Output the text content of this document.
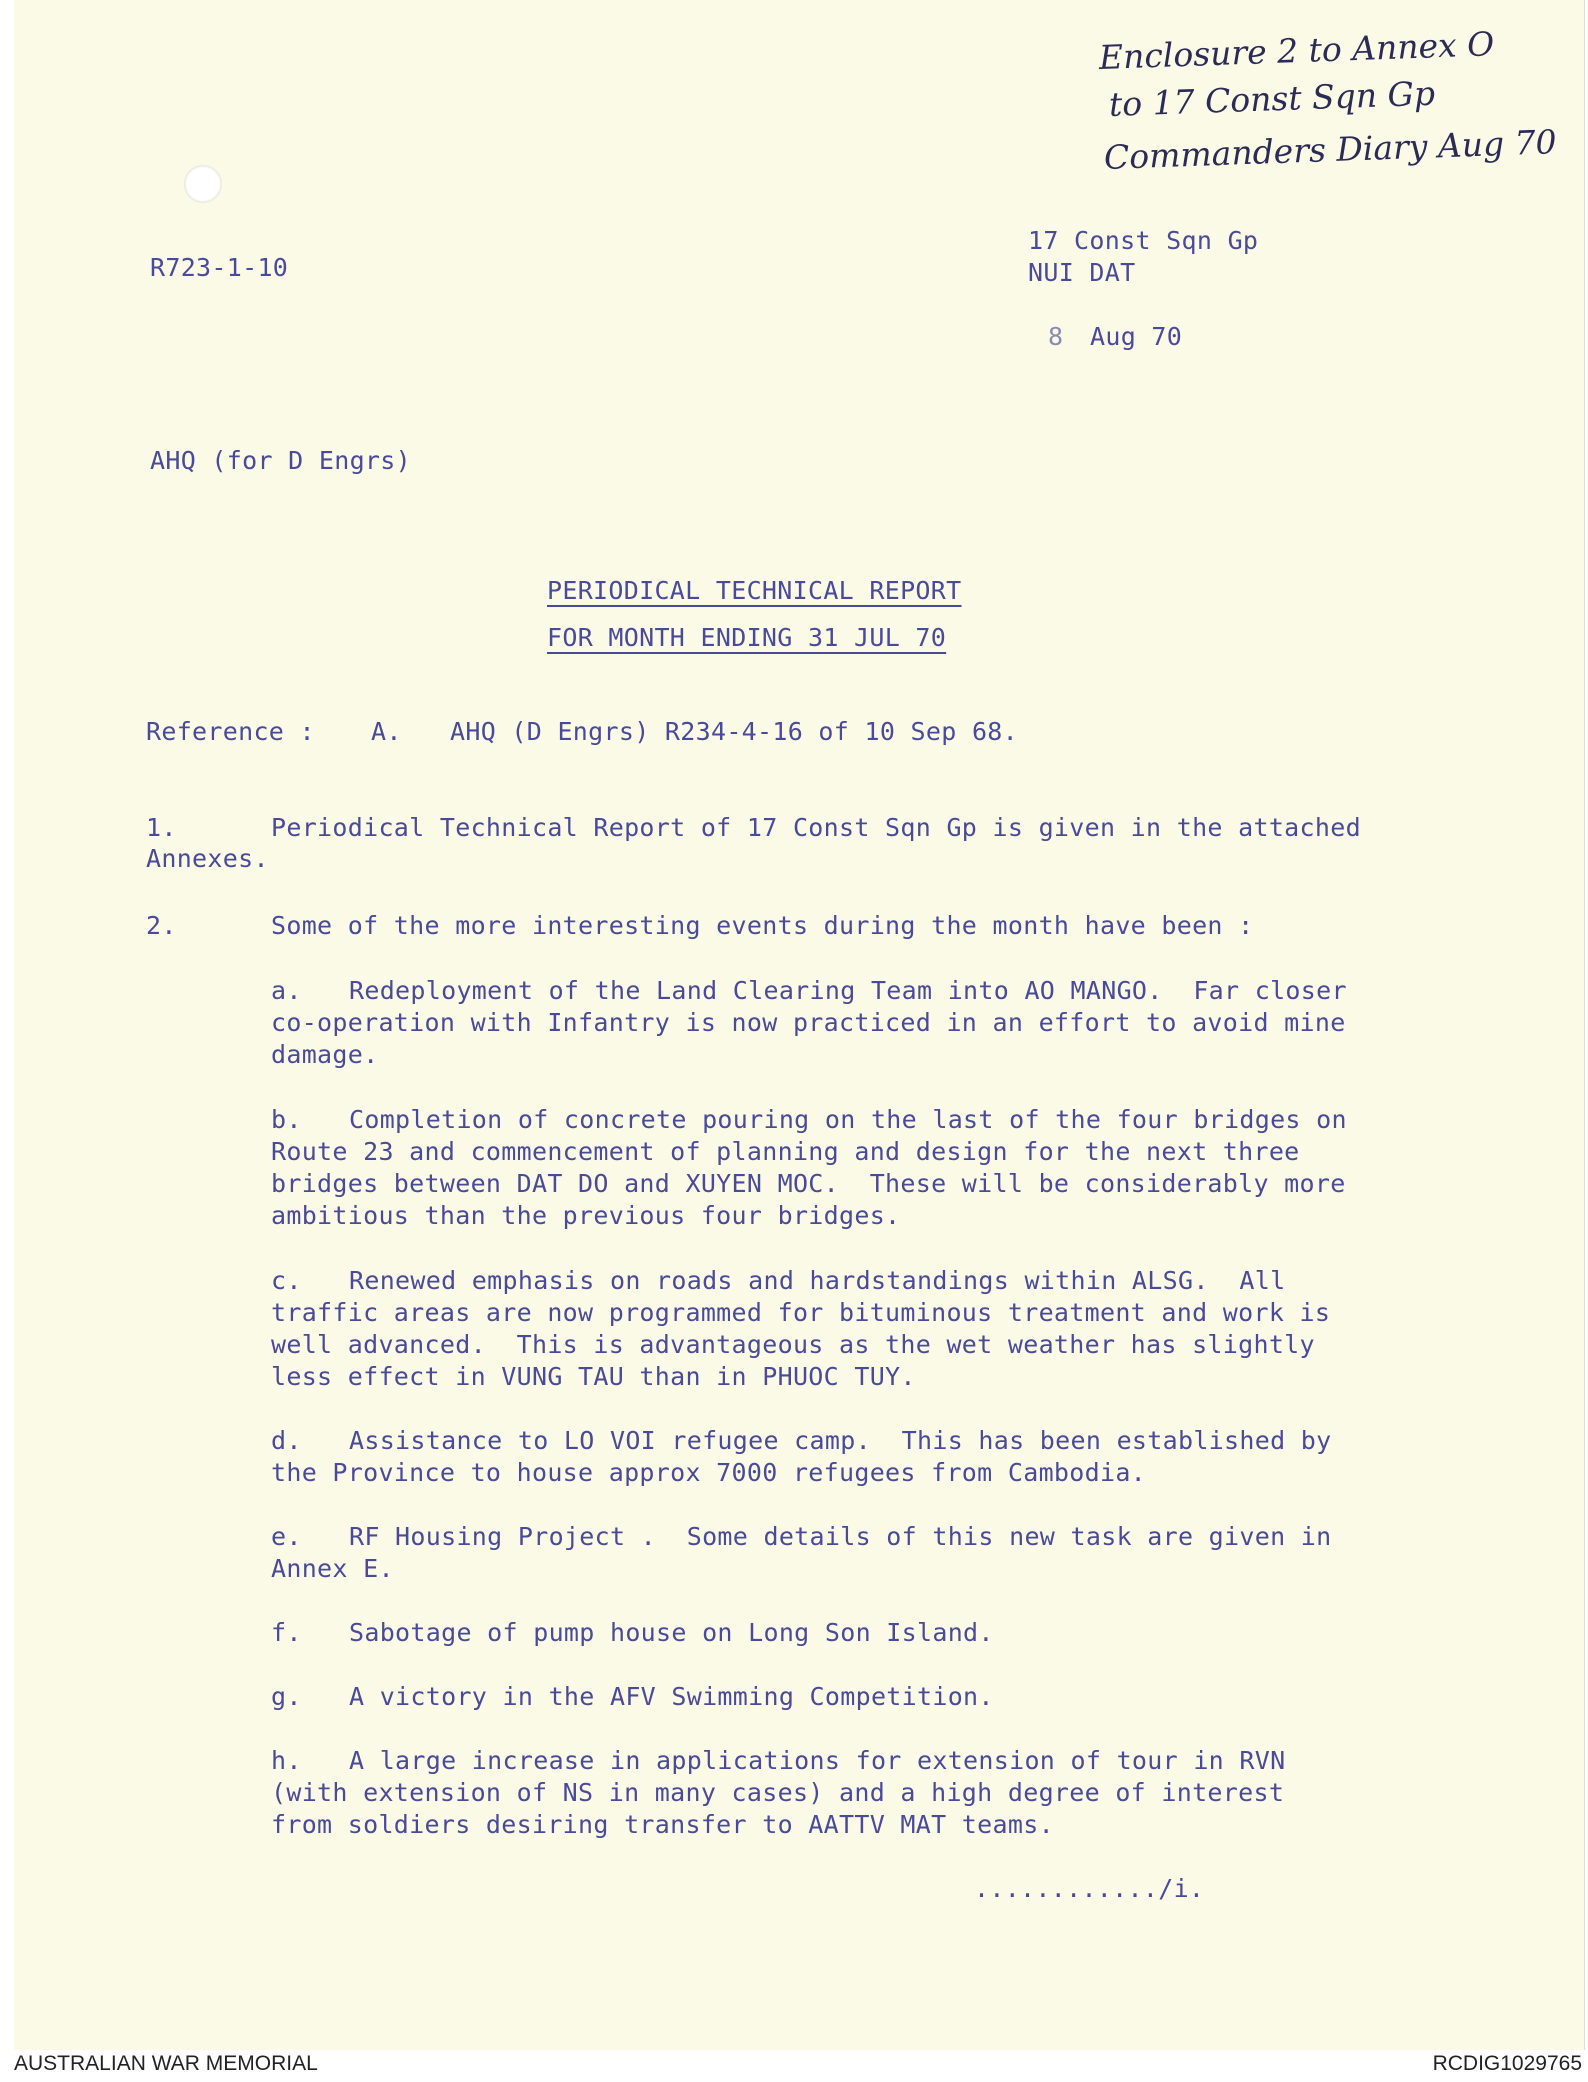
Enclosure 2 to Annex O
to 17 Const Sqn Gp
Commanders Diary Aug 70
R723-1-10
17 Const Sqn Gp
NUI DAT
8 Aug 70
AHQ (for D Engrs)
PERIODICAL TECHNICAL REPORT
FOR MONTH ENDING 31 JUL 70
Reference : A. AHQ (D Engrs) R234-4-16 of 10 Sep 68.
1.	Periodical Technical Report of 17 Const Sqn Gp is given in the attached
Annexes.
2.	Some of the more interesting events during the month have been :
a. Redeployment of the Land Clearing Team into AO MANGO.  Far closer
co-operation with Infantry is now practiced in an effort to avoid mine
damage.
b. Completion of concrete pouring on the last of the four bridges on
Route 23 and commencement of planning and design for the next three
bridges between DAT DO and XUYEN MOC.  These will be considerably more
ambitious than the previous four bridges.
c. Renewed emphasis on roads and hardstandings within ALSG.  All
traffic areas are now programmed for bituminous treatment and work is
well advanced.  This is advantageous as the wet weather has slightly
less effect in VUNG TAU than in PHUOC TUY.
d. Assistance to LO VOI refugee camp.  This has been established by
the Province to house approx 7000 refugees from Cambodia.
e. RF Housing Project .  Some details of this new task are given in
Annex E.
f. Sabotage of pump house on Long Son Island.
g. A victory in the AFV Swimming Competition.
h. A large increase in applications for extension of tour in RVN
(with extension of NS in many cases) and a high degree of interest
from soldiers desiring transfer to AATTV MAT teams.
............/i.
AUSTRALIAN WAR MEMORIAL	RCDIG1029765
